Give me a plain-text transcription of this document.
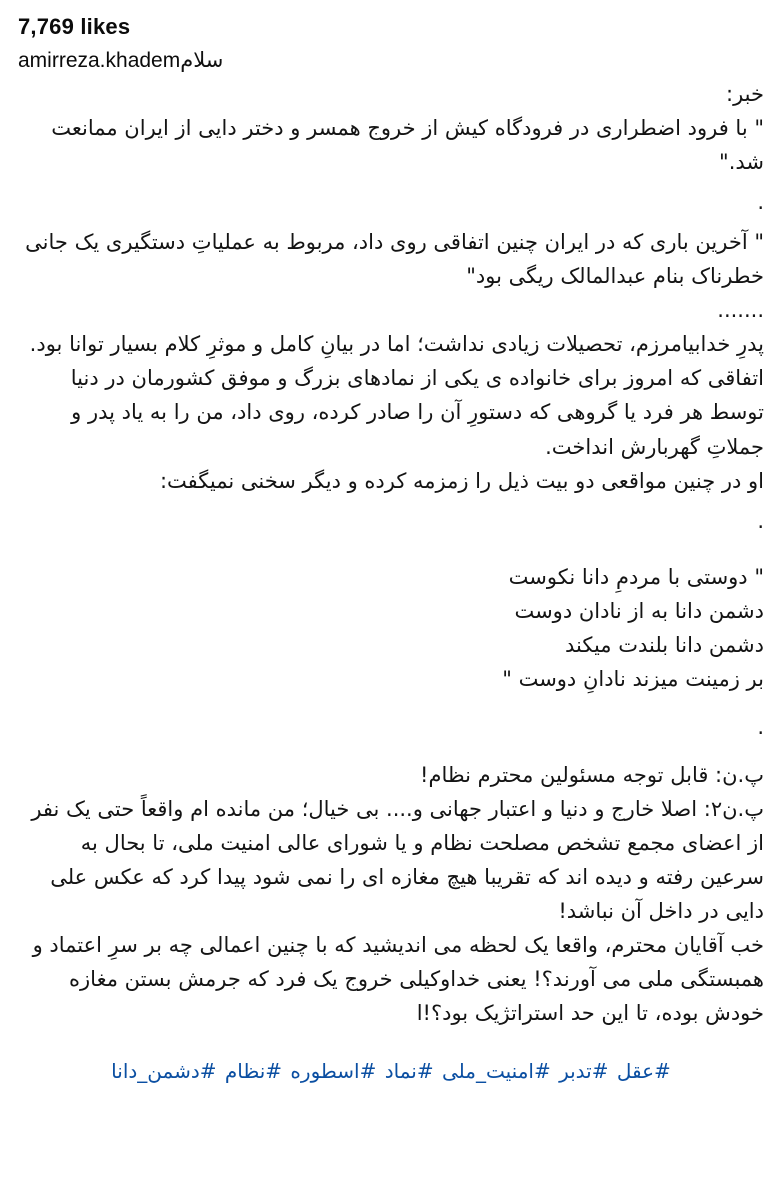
7,769 likes
amirreza.khademسلام

خبر:

" با فرود اضطراری در فرودگاه کیش از خروج همسر و دختر دایی از ایران ممانعت شد."

.

" آخرین باری که در ایران چنین اتفاقی روی داد، مربوط به عملیاتِ دستگیری یک جانی خطرناک بنام عبدالمالک ریگی بود"

.......

پدرِ خدابیامرزم، تحصیلات زیادی نداشت؛ اما در بیانِ کامل و موثرِ کلام بسیار توانا بود.

اتفاقی که امروز برای خانواده ی یکی از نمادهای بزرگ و موفق کشورمان در دنیا توسط هر فرد یا گروهی که دستورِ آن را صادر کرده، روی داد، من را به یاد پدر و جملاتِ گهربارش انداخت.

او در چنین مواقعی دو بیت ذیل را زمزمه کرده و دیگر سخنی نمیگفت:

.

" دوستی با مردمِ دانا نکوست

دشمن دانا به از نادان دوست

دشمن دانا بلندت میکند

بر زمینت میزند نادانِ دوست "

.

پ.ن: قابل توجه مسئولین محترم نظام!

پ.ن۲: اصلا خارج و دنیا و اعتبار جهانی و.... بی خیال؛ من مانده ام واقعاً حتی یک نفر از اعضای مجمع تشخص مصلحت نظام و یا شورای عالی امنیت ملی، تا بحال به سرعین رفته و دیده اند که تقریبا هیچ مغازه ای را نمی شود پیدا کرد که عکس علی دایی در داخل آن نباشد!

خب آقایان محترم، واقعا یک لحظه می اندیشید که با چنین اعمالی چه بر سرِ اعتماد و همبستگی ملی می آورند؟! یعنی خداوکیلی خروج یک فرد که جرمش بستن مغازه خودش بوده، تا این حد استراتژیک بود؟!ا

#عقل #تدبر #امنیت_ملی #نماد #اسطوره #نظام #دشمن_دانا
